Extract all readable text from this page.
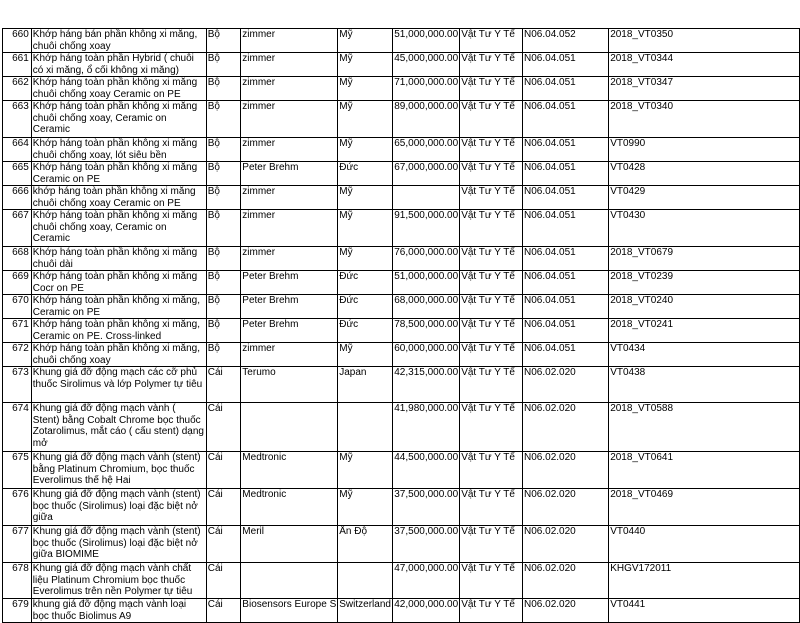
660	Khớp háng bán phần không xi măng, chuôi chống xoay	Bộ	zimmer	Mỹ	51,000,000.00	Vật Tư Y Tế	N06.04.052	2018_VT0350
661	Khớp háng toàn phần Hybrid ( chuôi có xi măng, ổ cối không xi măng)	Bộ	zimmer	Mỹ	45,000,000.00	Vật Tư Y Tế	N06.04.051	2018_VT0344
662	Khớp háng toàn phần không xi măng chuôi chống xoay Ceramic on PE	Bộ	zimmer	Mỹ	71,000,000.00	Vật Tư Y Tế	N06.04.051	2018_VT0347
663	Khớp háng toàn phần không xi măng chuôi chống xoay, Ceramic on Ceramic	Bộ	zimmer	Mỹ	89,000,000.00	Vật Tư Y Tế	N06.04.051	2018_VT0340
664	Khớp háng toàn phần không xi măng chuôi chống xoay, lót siêu bền	Bộ	zimmer	Mỹ	65,000,000.00	Vật Tư Y Tế	N06.04.051	VT0990
665	Khớp háng toàn phần không xi măng Ceramic on PE	Bộ	Peter Brehm	Đức	67,000,000.00	Vật Tư Y Tế	N06.04.051	VT0428
666	khớp háng toàn phần không xi măng chuôi chống xoay Ceramic on PE	Bộ	zimmer	Mỹ		Vật Tư Y Tế	N06.04.051	VT0429
667	Khớp háng toàn phần không xi măng chuôi chống xoay, Ceramic on Ceramic	Bộ	zimmer	Mỹ	91,500,000.00	Vật Tư Y Tế	N06.04.051	VT0430
668	Khớp háng toàn phần không xi măng chuôi dài	Bộ	zimmer	Mỹ	76,000,000.00	Vật Tư Y Tế	N06.04.051	2018_VT0679
669	Khớp háng toàn phần không xi măng Cocr on PE	Bộ	Peter Brehm	Đức	51,000,000.00	Vật Tư Y Tế	N06.04.051	2018_VT0239
670	Khớp háng toàn phần không xi măng, Ceramic on PE	Bộ	Peter Brehm	Đức	68,000,000.00	Vật Tư Y Tế	N06.04.051	2018_VT0240
671	Khớp háng toàn phần không xi măng, Ceramic on PE. Cross-linked	Bộ	Peter Brehm	Đức	78,500,000.00	Vật Tư Y Tế	N06.04.051	2018_VT0241
672	Khớp háng toàn phần không xi măng, chuôi chống xoay	Bộ	zimmer	Mỹ	60,000,000.00	Vật Tư Y Tế	N06.04.051	VT0434
673	Khung giá đỡ động mạch các cỡ phủ thuốc Sirolimus và lớp Polymer tự tiêu	Cái	Terumo	Japan	42,315,000.00	Vật Tư Y Tế	N06.02.020	VT0438
674	Khung giá đỡ động mạch vành ( Stent) bằng Cobalt Chrome bọc thuốc Zotarolimus, mắt cáo ( cấu stent) dạng mở	Cái			41,980,000.00	Vật Tư Y Tế	N06.02.020	2018_VT0588
675	Khung giá đỡ động mạch vành (stent) bằng Platinum Chromium, bọc thuốc Everolimus thế hệ Hai	Cái	Medtronic	Mỹ	44,500,000.00	Vật Tư Y Tế	N06.02.020	2018_VT0641
676	Khung giá đỡ động mạch vành (stent) bọc thuốc (Sirolimus) loại đặc biệt nở giữa	Cái	Medtronic	Mỹ	37,500,000.00	Vật Tư Y Tế	N06.02.020	2018_VT0469
677	Khung giá đỡ động mạch vành (stent) bọc thuốc (Sirolimus) loại đặc biệt nở giữa BIOMIME	Cái	Meril	Ấn Độ	37,500,000.00	Vật Tư Y Tế	N06.02.020	VT0440
678	Khung giá đỡ động mạch vành chất liệu Platinum Chromium bọc thuốc Everolimus trên nền Polymer tự tiêu	Cái			47,000,000.00	Vật Tư Y Tế	N06.02.020	KHGV172011
679	khung giá đỡ động mạch vành loại bọc thuốc Biolimus A9	Cái	Biosensors Europe S	Switzerland	42,000,000.00	Vật Tư Y Tế	N06.02.020	VT0441
